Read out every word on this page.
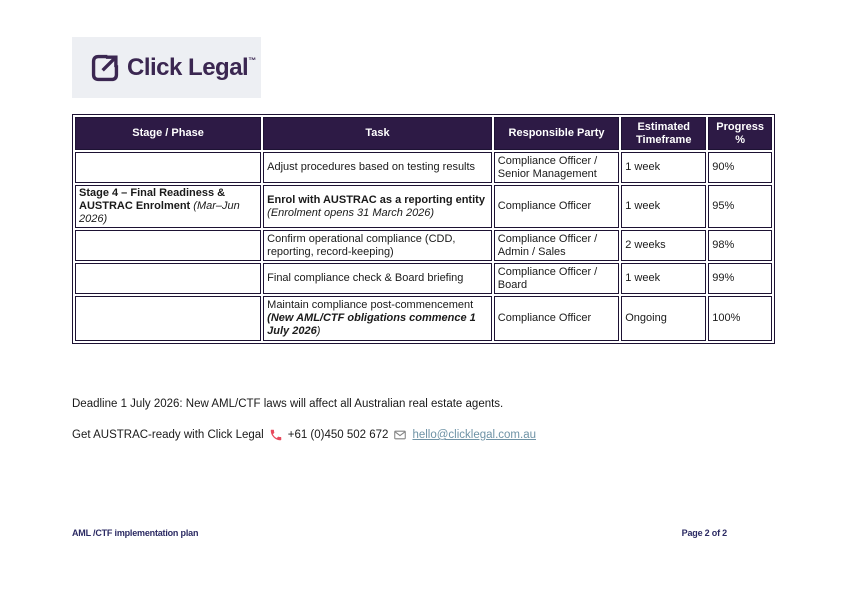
Click Legal™
Stage / Phase	Task	Responsible Party	Estimated Timeframe	Progress %
	Adjust procedures based on testing results	Compliance Officer / Senior Management	1 week	90%
Stage 4 – Final Readiness & AUSTRAC Enrolment (Mar–Jun 2026)	Enrol with AUSTRAC as a reporting entity (Enrolment opens 31 March 2026)	Compliance Officer	1 week	95%
	Confirm operational compliance (CDD, reporting, record-keeping)	Compliance Officer / Admin / Sales	2 weeks	98%
	Final compliance check & Board briefing	Compliance Officer / Board	1 week	99%
	Maintain compliance post-commencement (New AML/CTF obligations commence 1 July 2026)	Compliance Officer	Ongoing	100%

Deadline 1 July 2026: New AML/CTF laws will affect all Australian real estate agents.

Get AUSTRAC-ready with Click Legal +61 (0)450 502 672 hello@clicklegal.com.au

AML /CTF implementation plan	Page 2 of 2
